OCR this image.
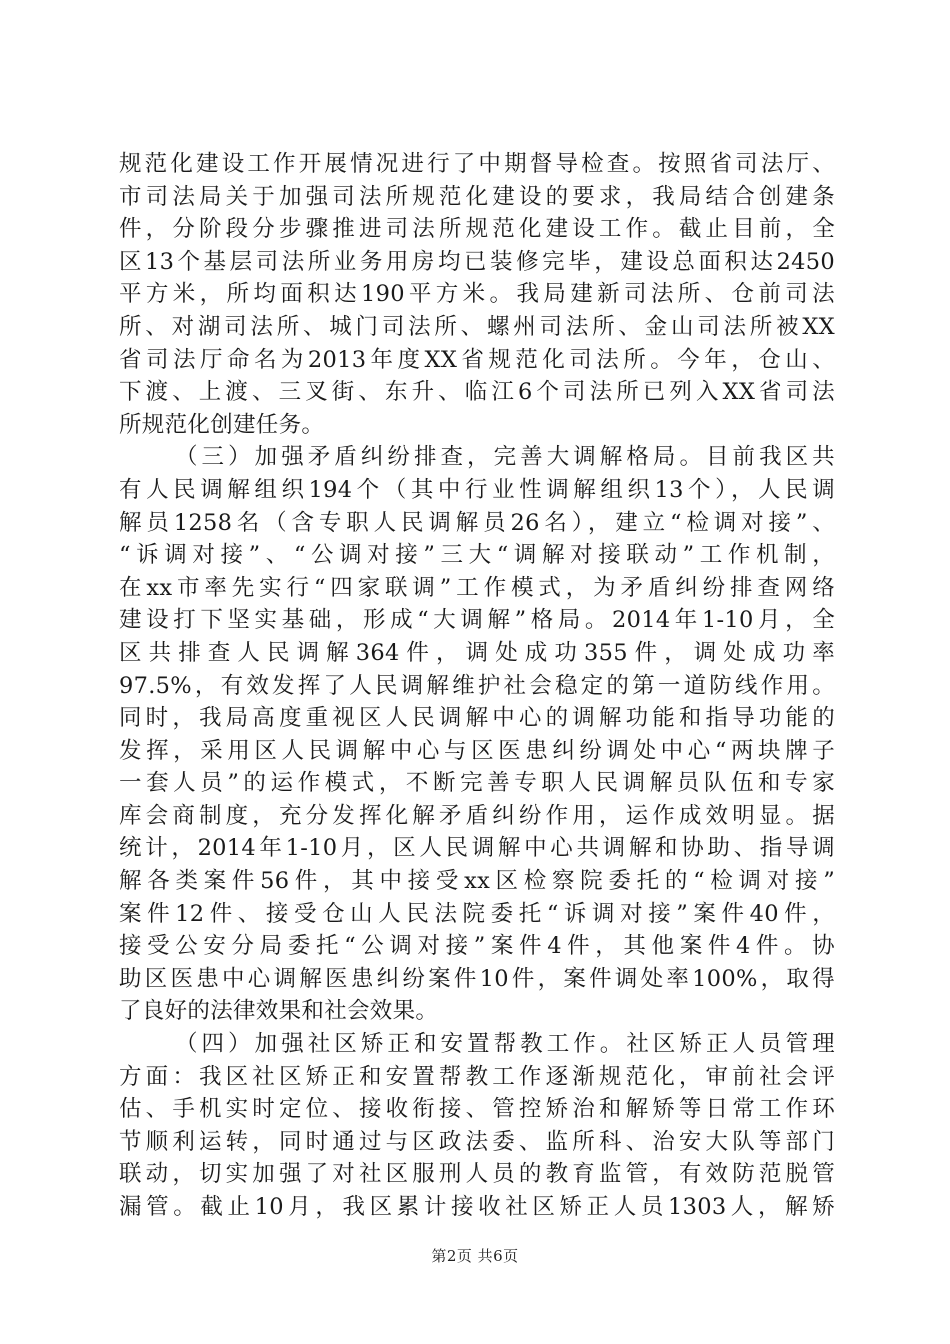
规范化建设工作开展情况进行了中期督导检查。按照省司法厅、
市司法局关于加强司法所规范化建设的要求，我局结合创建条
件，分阶段分步骤推进司法所规范化建设工作。截止目前，全
区13个基层司法所业务用房均已装修完毕，建设总面积达2450
平方米，所均面积达190平方米。我局建新司法所、仓前司法
所、对湖司法所、城门司法所、螺州司法所、金山司法所被XX
省司法厅命名为2013年度XX省规范化司法所。今年，仓山、
下渡、上渡、三叉街、东升、临江6个司法所已列入XX省司法
所规范化创建任务。
（三）加强矛盾纠纷排查，完善大调解格局。目前我区共
有人民调解组织194个（其中行业性调解组织13个），人民调
解员1258名（含专职人民调解员26名），建立“检调对接”、
“诉调对接”、“公调对接”三大“调解对接联动”工作机制，
在xx市率先实行“四家联调”工作模式，为矛盾纠纷排查网络
建设打下坚实基础，形成“大调解”格局。2014年1-10月，全
区共排查人民调解364件，调处成功355件，调处成功率
97.5%，有效发挥了人民调解维护社会稳定的第一道防线作用。
同时，我局高度重视区人民调解中心的调解功能和指导功能的
发挥，采用区人民调解中心与区医患纠纷调处中心“两块牌子
一套人员”的运作模式，不断完善专职人民调解员队伍和专家
库会商制度，充分发挥化解矛盾纠纷作用，运作成效明显。据
统计，2014年1-10月，区人民调解中心共调解和协助、指导调
解各类案件56件，其中接受xx区检察院委托的“检调对接”
案件12件、接受仓山人民法院委托“诉调对接”案件40件，
接受公安分局委托“公调对接”案件4件，其他案件4件。协
助区医患中心调解医患纠纷案件10件，案件调处率100%，取得
了良好的法律效果和社会效果。
（四）加强社区矫正和安置帮教工作。社区矫正人员管理
方面：我区社区矫正和安置帮教工作逐渐规范化，审前社会评
估、手机实时定位、接收衔接、管控矫治和解矫等日常工作环
节顺利运转，同时通过与区政法委、监所科、治安大队等部门
联动，切实加强了对社区服刑人员的教育监管，有效防范脱管
漏管。截止10月，我区累计接收社区矫正人员1303人，解矫
第2页 共6页
